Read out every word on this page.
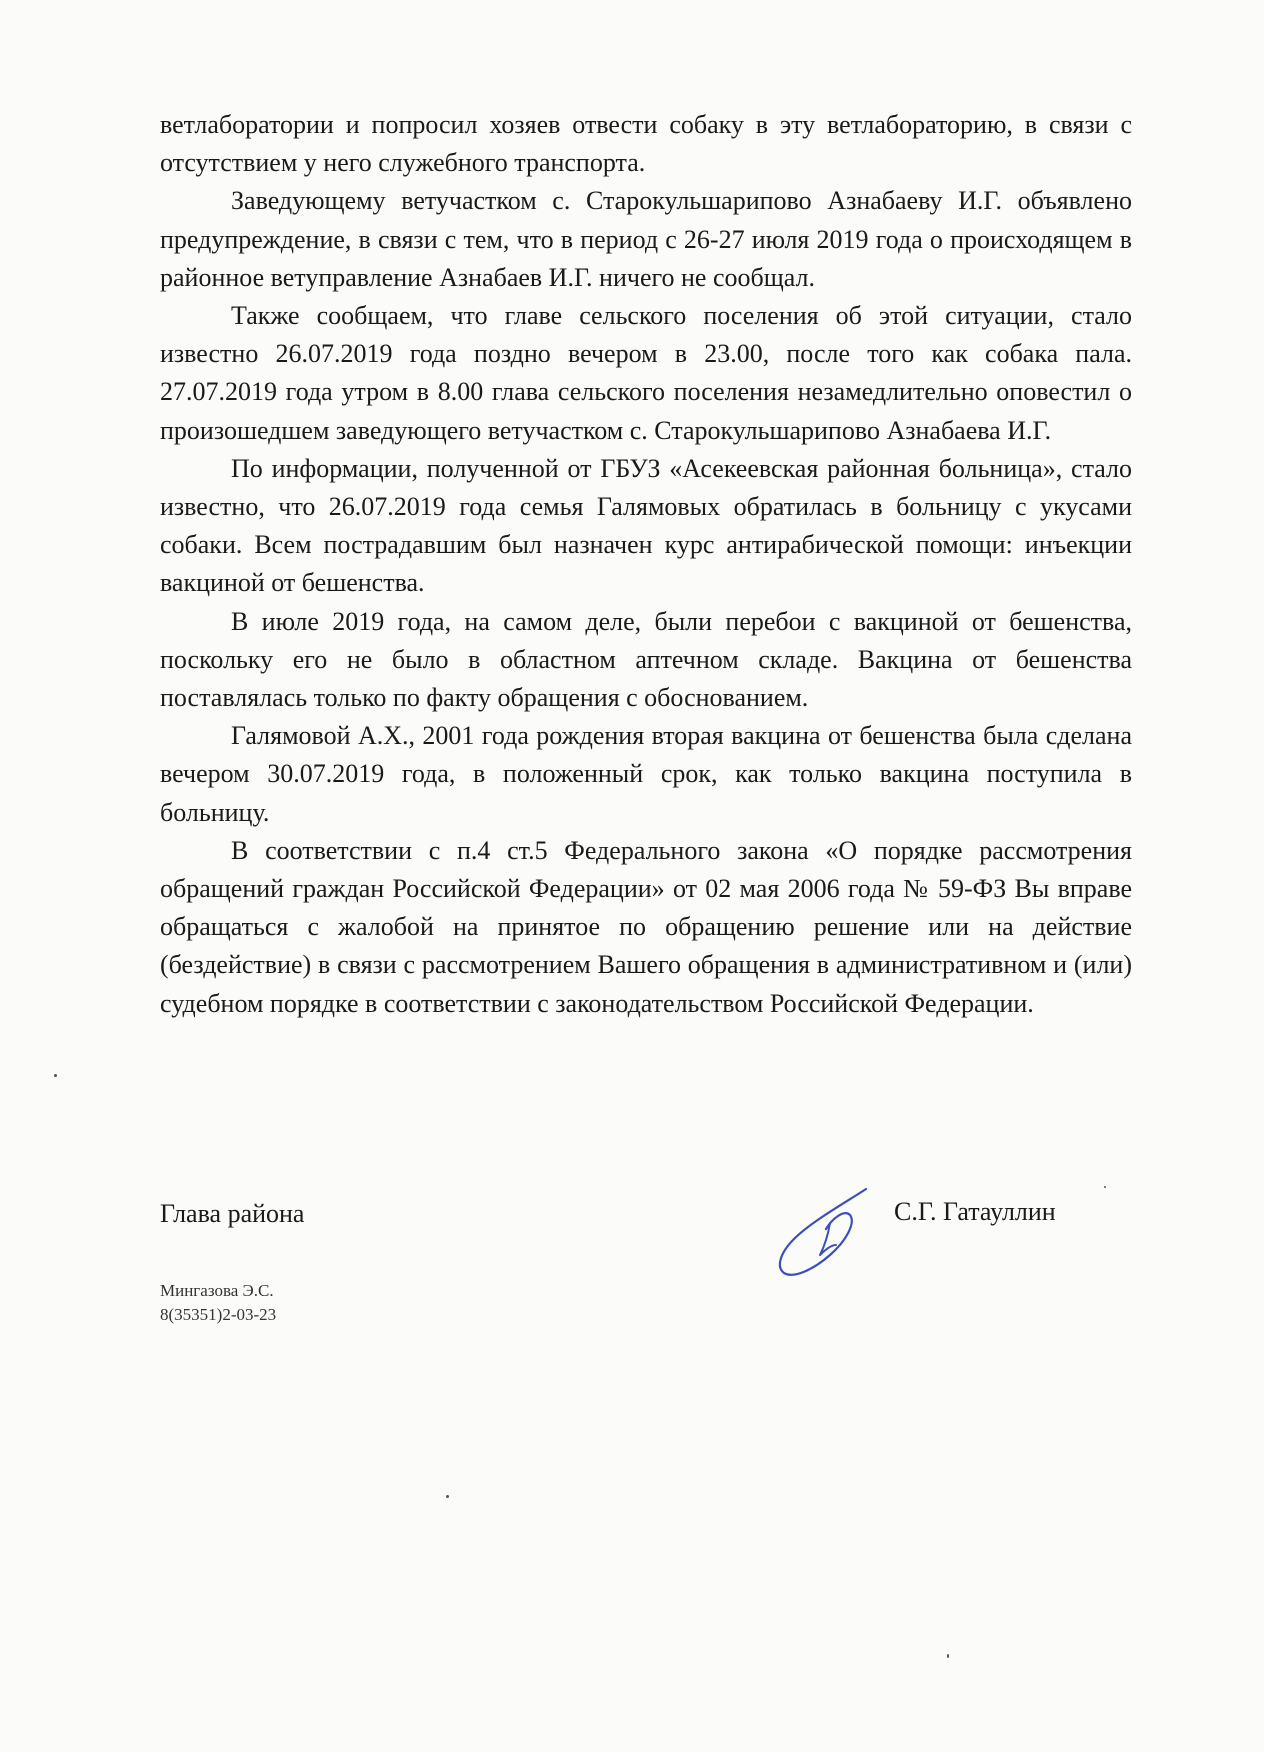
ветлаборатории и попросил хозяев отвести собаку в эту ветлабораторию, в связи с отсутствием у него служебного транспорта.

Заведующему ветучастком с. Старокульшарипово Азнабаеву И.Г. объявлено предупреждение, в связи с тем, что в период с 26-27 июля 2019 года о происходящем в районное ветуправление Азнабаев И.Г. ничего не сообщал.

Также сообщаем, что главе сельского поселения об этой ситуации, стало известно 26.07.2019 года поздно вечером в 23.00, после того как собака пала. 27.07.2019 года утром в 8.00 глава сельского поселения незамедлительно оповестил о произошедшем заведующего ветучастком с. Старокульшарипово Азнабаева И.Г.

По информации, полученной от ГБУЗ «Асекеевская районная больница», стало известно, что 26.07.2019 года семья Галямовых обратилась в больницу с укусами собаки. Всем пострадавшим был назначен курс антирабической помощи: инъекции вакциной от бешенства.

В июле 2019 года, на самом деле, были перебои с вакциной от бешенства, поскольку его не было в областном аптечном складе. Вакцина от бешенства поставлялась только по факту обращения с обоснованием.

Галямовой А.Х., 2001 года рождения вторая вакцина от бешенства была сделана вечером 30.07.2019 года, в положенный срок, как только вакцина поступила в больницу.

В соответствии с п.4 ст.5 Федерального закона «О порядке рассмотрения обращений граждан Российской Федерации» от 02 мая 2006 года № 59-ФЗ Вы вправе обращаться с жалобой на принятое по обращению решение или на действие (бездействие) в связи с рассмотрением Вашего обращения в административном и (или) судебном порядке в соответствии с законодательством Российской Федерации.

Глава района	С.Г. Гатауллин
Мингазова Э.С.
8(35351)2-03-23
